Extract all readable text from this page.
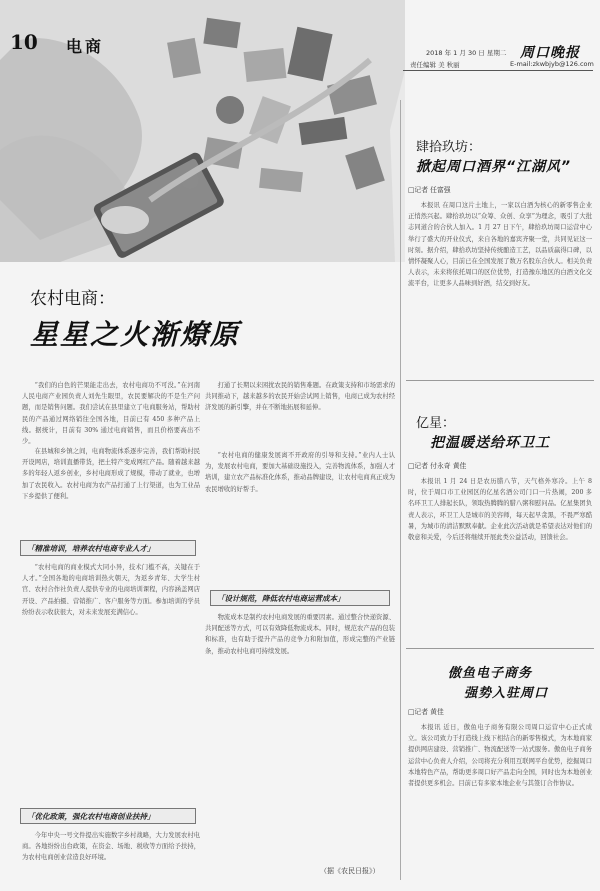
10 电商	2018 年 1 月 30 日 星期二 周口晚报
责任编辑 美 秋丽	E-mail:zkwbjyb@126.com
农村电商：
星星之火渐燎原
“我们的白色的芒果能走出去，农村电商功不可没。”在河南人民电商产业园负责人刘先生眼里，农民要解决的不是生产问题，而是销售问题。我们尝试在县里建立了电商服务站，帮助村民的产品通过网络销往全国各地，目前已有 450 多种产品上线。据统计，目前有 30% 通过电商销售，而且价格要高出不少。
在县城和乡镇之间，电商物流体系逐步完善，我们帮助村民开设网店，培训直播带货，把土特产变成网红产品。随着越来越多的年轻人返乡创业，乡村电商形成了规模，带动了就业，也增加了农民收入。农村电商为农产品打通了上行渠道，也为工业品下乡提供了便利。
「精准培训，培养农村电商专业人才」
“农村电商的商业模式大同小异，技术门槛不高，关键在于人才。”全国各地的电商培训热火朝天，为返乡青年、大学生村官、农村合作社负责人提供专业的电商培训课程，内容涵盖网店开设、产品拍摄、营销推广、客户服务等方面。参加培训的学员纷纷表示收获很大，对未来发展充满信心。
「优化政策，强化农村电商创业扶持」
今年中央一号文件提出实施数字乡村战略，大力发展农村电商。各地纷纷出台政策，在资金、场地、税收等方面给予扶持，为农村电商创业营造良好环境。
打通了长期以来困扰农民的销售难题。在政策支持和市场需求的共同推动下，越来越多的农民开始尝试网上销售，电商已成为农村经济发展的新引擎，并在不断地拓展和延伸。
“农村电商的健康发展离不开政府的引导和支持。”业内人士认为，发展农村电商，要加大基础设施投入，完善物流体系，加强人才培训，建立农产品标准化体系，推动品牌建设，让农村电商真正成为农民增收的好帮手。
「设计规范，降低农村电商运营成本」
物流成本是制约农村电商发展的重要因素。通过整合快递资源、共同配送等方式，可以有效降低物流成本。同时，规范农产品的包装和标准，也有助于提升产品的竞争力和附加值，形成完整的产业链条，推动农村电商可持续发展。
（据《农民日报》）
肆拾玖坊：
掀起周口酒界“江湖风”
□记者 任富强
本报讯 在周口这片土地上，一家以白酒为核心的新零售企业正悄然兴起。肆拾玖坊以“众筹、众创、众享”为理念，吸引了大批志同道合的合伙人加入。1 月 27 日下午，肆拾玖坊周口运营中心举行了盛大的开业仪式，来自各地的嘉宾齐聚一堂，共同见证这一时刻。据介绍，肆拾玖坊坚持传统酿造工艺，以品质赢得口碑，以情怀凝聚人心，目前已在全国发展了数万名股东合伙人。相关负责人表示，未来将依托周口的区位优势，打造豫东地区的白酒文化交流平台，让更多人品味到好酒，结交到好友。
亿星：
把温暖送给环卫工
□记者 付永奇 黄佳
本报讯 1 月 24 日是农历腊八节，天气格外寒冷。上午 8 时，位于周口市工业园区的亿星名酒公司门口一片热闹，200 多名环卫工人排起长队，领取热腾腾的腊八粥和慰问品。亿星集团负责人表示，环卫工人是城市的美容师，每天起早贪黑，不畏严寒酷暑，为城市的清洁默默奉献。企业此次活动就是希望表达对他们的敬意和关爱，今后还将继续开展此类公益活动，回馈社会。
傲鱼电子商务
强势入驻周口
□记者 黄佳
本报讯 近日，傲鱼电子商务有限公司周口运营中心正式成立。该公司致力于打造线上线下相结合的新零售模式，为本地商家提供网店建设、营销推广、物流配送等一站式服务。傲鱼电子商务运营中心负责人介绍，公司将充分利用互联网平台优势，挖掘周口本地特色产品，帮助更多周口好产品走向全国，同时也为本地创业者提供更多机会。目前已有多家本地企业与其签订合作协议。
